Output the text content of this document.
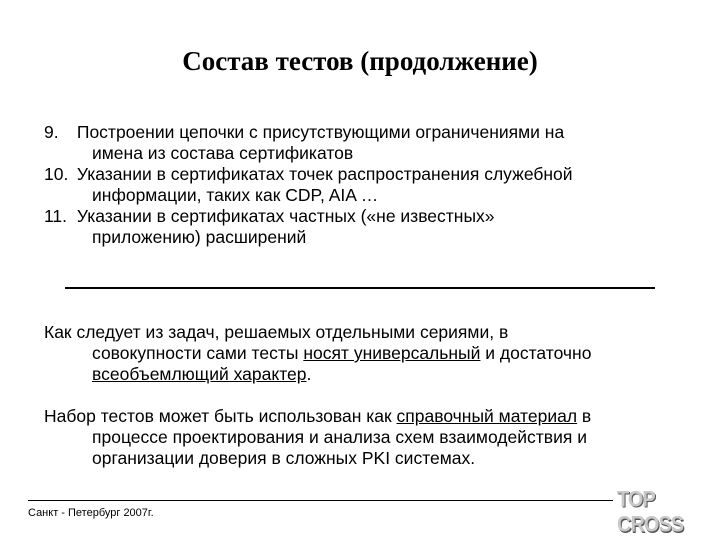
Состав тестов (продолжение)
9. Построении цепочки с присутствующими ограничениями на
имена из состава сертификатов
10. Указании в сертификатах точек распространения служебной
информации, таких как CDP, AIA …
11. Указании в сертификатах частных («не известных»
приложению) расширений
Как следует из задач, решаемых отдельными сериями, в
совокупности сами тесты носят универсальный и достаточно
всеобъемлющий характер.
Набор тестов может быть использован как справочный материал в
процессе проектирования и анализа схем взаимодействия и
организации доверия в сложных PKI системах.
Санкт - Петербург 2007г.
TOP CROSS
